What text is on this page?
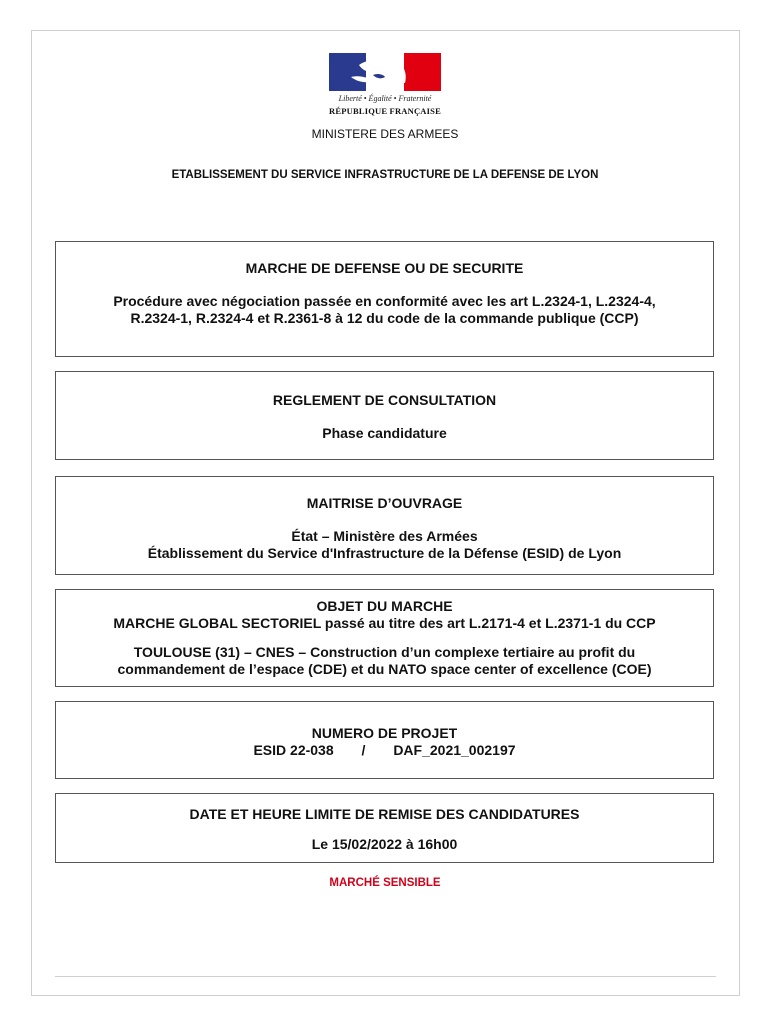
Liberté • Égalité • Fraternité
RÉPUBLIQUE FRANÇAISE
MINISTERE DES ARMEES
ETABLISSEMENT DU SERVICE INFRASTRUCTURE DE LA DEFENSE DE LYON

MARCHE DE DEFENSE OU DE SECURITE

Procédure avec négociation passée en conformité avec les art L.2324-1, L.2324-4,

R.2324-1, R.2324-4 et R.2361-8 à 12 du code de la commande publique (CCP)

REGLEMENT DE CONSULTATION

Phase candidature

MAITRISE D’OUVRAGE

État – Ministère des Armées

Établissement du Service d'Infrastructure de la Défense (ESID) de Lyon

OBJET DU MARCHE

MARCHE GLOBAL SECTORIEL passé au titre des art L.2171-4 et L.2371-1 du CCP

TOULOUSE (31) – CNES – Construction d’un complexe tertiaire au profit du

commandement de l’espace (CDE) et du NATO space center of excellence (COE)

NUMERO DE PROJET

ESID 22-038 / DAF_2021_002197

DATE ET HEURE LIMITE DE REMISE DES CANDIDATURES

Le 15/02/2022 à 16h00

MARCHÉ SENSIBLE
